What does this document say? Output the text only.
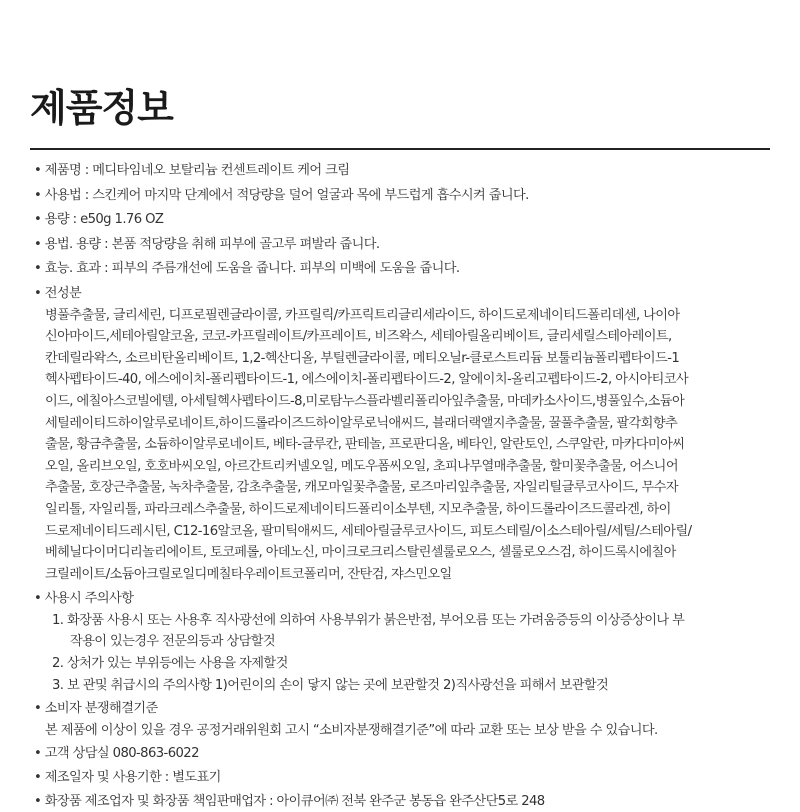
제품정보
• 제품명 : 메디타임네오 보탈리늄 컨센트레이트 케어 크림
• 사용법 : 스킨케어 마지막 단계에서 적당량을 덜어 얼굴과 목에 부드럽게 흡수시켜 줍니다.
• 용량 : e50g 1.76 OZ
• 용법. 용량 : 본품 적당량을 취해 피부에 골고루 펴발라 줍니다.
• 효능. 효과 : 피부의 주름개선에 도움을 줍니다. 피부의 미백에 도움을 줍니다.
• 전성분
병풀추출물, 글리세린, 디프로필렌글라이콜, 카프릴릭/카프릭트리글리세라이드, 하이드로제네이티드폴리데센, 나이아
신아마이드,세테아릴알코올, 코코-카프릴레이트/카프레이트, 비즈왁스, 세테아릴올리베이트, 글리세릴스테아레이트,
칸데릴라왁스, 소르비탄올리베이트, 1,2-헥산디올, 부틸렌글라이콜, 메티오닐r-클로스트리듐 보툴리늄폴리펩타이드-1
헥사펩타이드-40, 에스에이치-폴리펩타이드-1, 에스에이치-폴리펩타이드-2, 알에이치-올리고펩타이드-2, 아시아티코사
이드, 에칠아스코빌에텔, 아세틸헥사펩타이드-8,미로탐누스플라벨리폴리아잎추출물, 마데카소사이드,병풀잎수,소듐아
세틸레이티드하이알루로네이트,하이드롤라이즈드하이알루로닉애씨드, 블래더랙앨지추출물, 꿀풀추출물, 팔각회향추
출물, 황금추출물, 소듐하이알루로네이트, 베타-글루칸, 판테놀, 프로판디올, 베타인, 알란토인, 스쿠알란, 마카다미아씨
오일, 올리브오일, 호호바씨오일, 아르간트리커넬오일, 메도우폼씨오일, 초피나무열매추출물, 할미꽃추출물, 어스니어
추출물, 호장근추출물, 녹차추출물, 감초추출물, 캐모마일꽃추출물, 로즈마리잎추출물, 자일리틸글루코사이드, 무수자
일리톨, 자일리톨, 파라크레스추출물, 하이드로제네이티드폴리이소부텐, 지모추출물, 하이드롤라이즈드콜라겐, 하이
드로제네이티드레시틴, C12-16알코올, 팔미틱애씨드, 세테아릴글루코사이드, 피토스테릴/이소스테아릴/세틸/스테아릴/
베헤닐다이머디리놀리에이트, 토코페롤, 아데노신, 마이크로크리스탈린셀룰로오스, 셀룰로오스검, 하이드록시에칠아
크릴레이트/소듐아크릴로일디메칠타우레이트코폴리머, 잔탄검, 쟈스민오일
• 사용시 주의사항
1. 화장품 사용시 또는 사용후 직사광선에 의하여 사용부위가 붉은반점, 부어오름 또는 가려움증등의 이상증상이나 부
작용이 있는경우 전문의등과 상담할것
2. 상처가 있는 부위등에는 사용을 자제할것
3. 보 관및 취급시의 주의사항 1)어린이의 손이 닿지 않는 곳에 보관할것 2)직사광선을 피해서 보관할것
• 소비자 분쟁해결기준
본 제품에 이상이 있을 경우 공정거래위원회 고시 “소비자분쟁해결기준”에 따라 교환 또는 보상 받을 수 있습니다.
• 고객 상담실 080-863-6022
• 제조일자 및 사용기한 : 별도표기
• 화장품 제조업자 및 화장품 책임판매업자 : 아이큐어㈜ 전북 완주군 봉동읍 완주산단5로 248
